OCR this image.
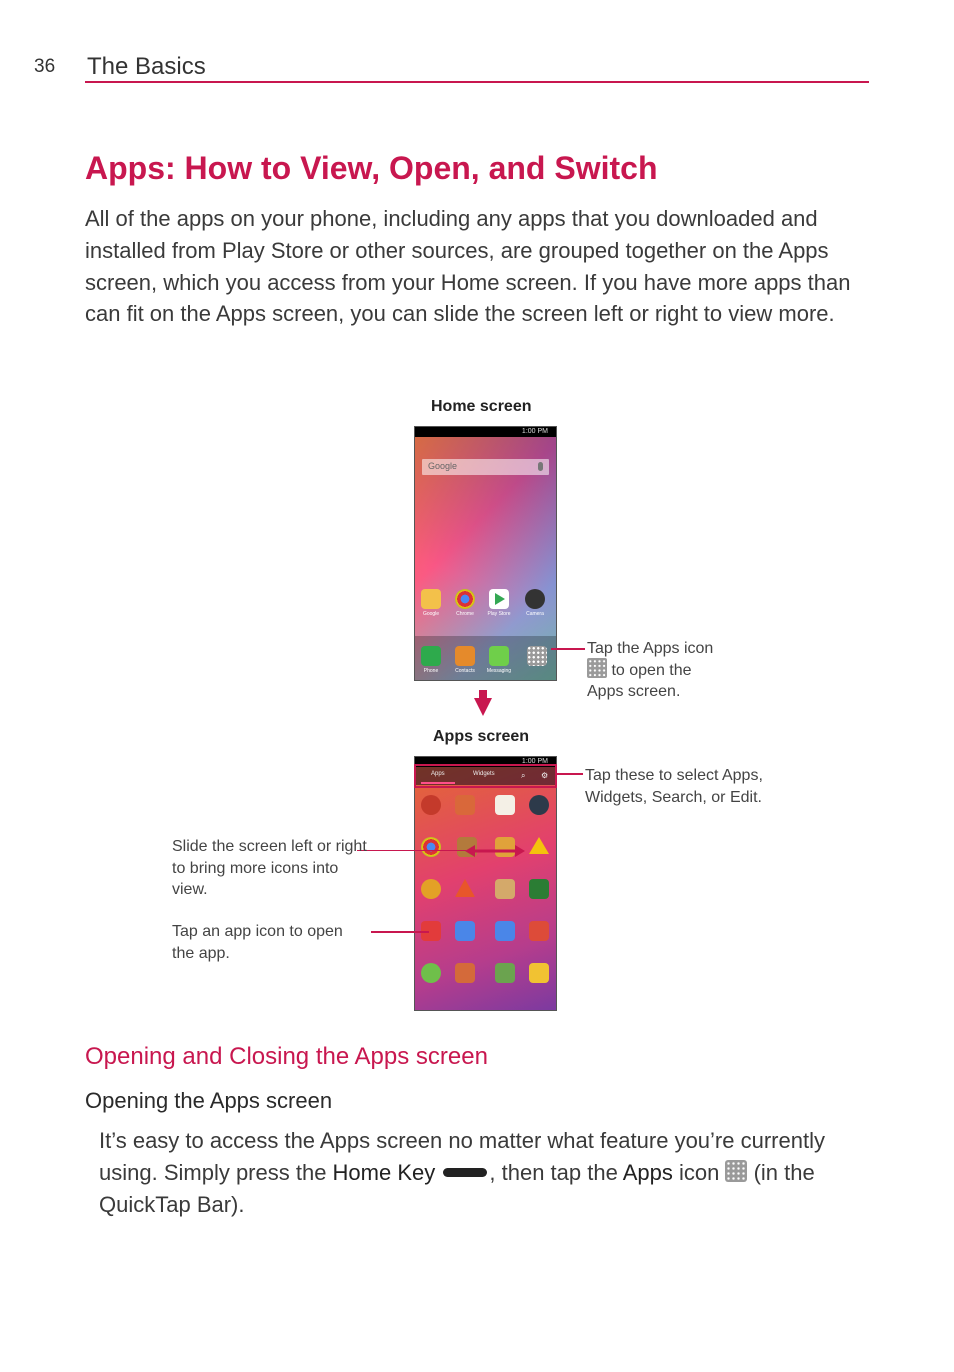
36 The Basics
Apps: How to View, Open, and Switch
All of the apps on your phone, including any apps that you downloaded and installed from Play Store or other sources, are grouped together on the Apps screen, which you access from your Home screen. If you have more apps than can fit on the Apps screen, you can slide the screen left or right to view more.
Home screen
1:00 PM
Google
Google	Chrome	Play Store	Camera
Phone	Contacts	Messaging
Tap the Apps icon
to open the
Apps screen.
Apps screen
1:00 PM
Apps	Widgets	⌕ ⚙ Tap these to select Apps, Widgets, Search, or Edit.
Slide the screen left or right to bring more icons into view.
Tap an app icon to open the app.
Opening and Closing the Apps screen
Opening the Apps screen
It’s easy to access the Apps screen no matter what feature you’re currently using. Simply press the Home Key , then tap the Apps icon  (in the QuickTap Bar).
